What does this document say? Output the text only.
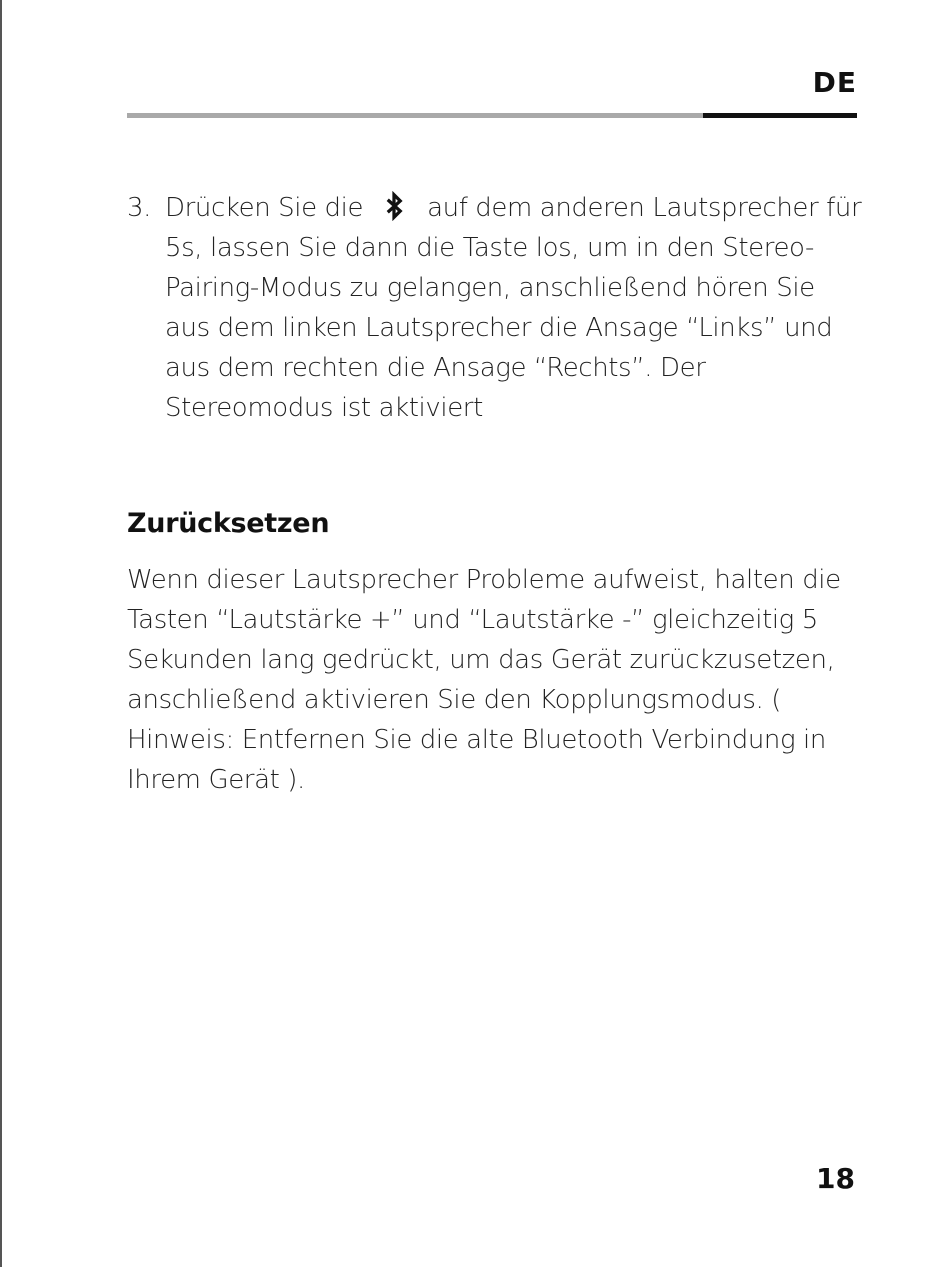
DE
3. Drücken Sie die auf dem anderen Lautsprecher für 5s, lassen Sie dann die Taste los, um in den Stereo-Pairing-Modus zu gelangen, anschließend hören Sie aus dem linken Lautsprecher die Ansage “Links” und aus dem rechten die Ansage “Rechts”. Der Stereomodus ist aktiviert
Zurücksetzen

Wenn dieser Lautsprecher Probleme aufweist, halten die Tasten “Lautstärke +” und “Lautstärke -” gleichzeitig 5 Sekunden lang gedrückt, um das Gerät zurückzusetzen, anschließend aktivieren Sie den Kopplungsmodus. ( Hinweis: Entfernen Sie die alte Bluetooth Verbindung in Ihrem Gerät ).

18
